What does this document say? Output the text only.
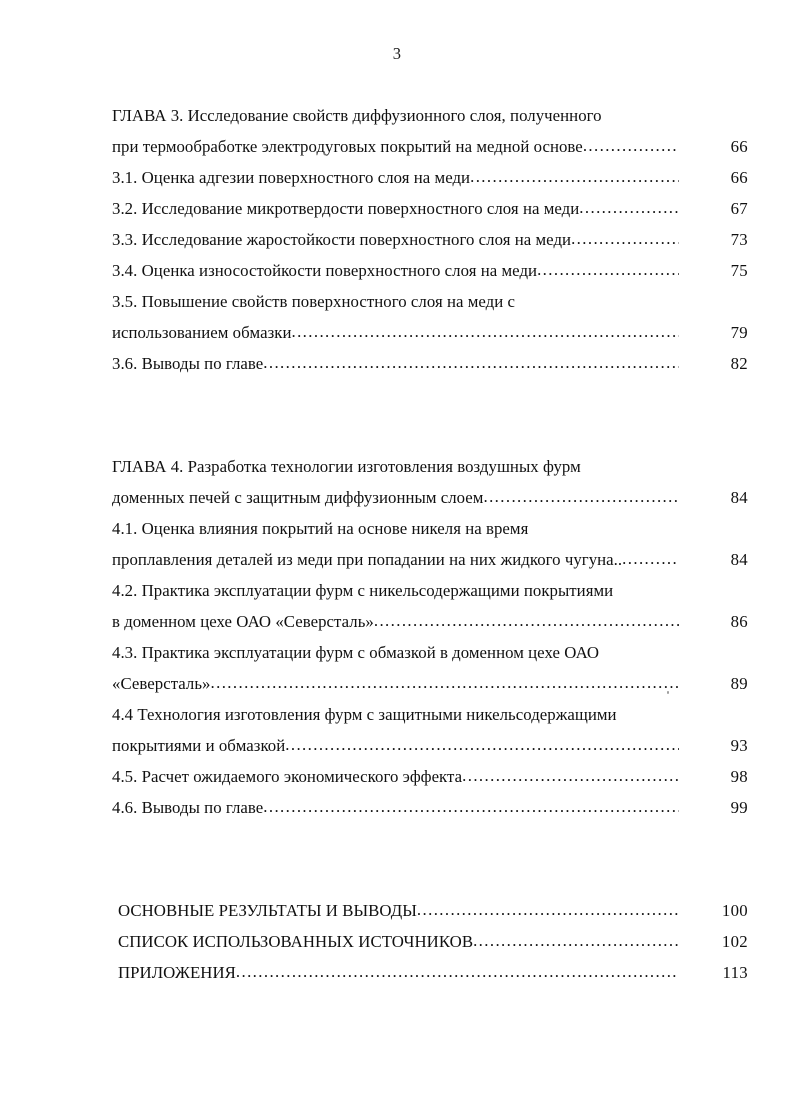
3
ГЛАВА 3. Исследование свойств диффузионного слоя, полученного
при термообработке электродуговых покрытий на медной основе .....	66
3.1. Оценка адгезии поверхностного слоя на меди .....	66
3.2. Исследование микротвердости поверхностного слоя на меди .....	67
3.3. Исследование жаростойкости поверхностного слоя на меди .....	73
3.4. Оценка износостойкости поверхностного слоя на меди .....	75
3.5. Повышение свойств поверхностного слоя на меди с
использованием обмазки .....	79
3.6. Выводы по главе .....	82
ГЛАВА 4. Разработка технологии изготовления воздушных фурм
доменных печей с защитным диффузионным слоем .....	84
4.1. Оценка влияния покрытий на основе никеля на время
проплавления деталей из меди при попадании на них жидкого чугуна.. .....	84
4.2. Практика эксплуатации фурм с никельсодержащими покрытиями
в доменном цехе ОАО «Северсталь» .....	86
4.3. Практика эксплуатации фурм с обмазкой в доменном цехе ОАО
«Северсталь» .....	89
4.4 Технология изготовления фурм с защитными никельсодержащими
покрытиями и обмазкой .....	93
4.5. Расчет ожидаемого экономического эффекта .....	98
4.6. Выводы по главе .....	99
ОСНОВНЫЕ РЕЗУЛЬТАТЫ И ВЫВОДЫ .....	100
СПИСОК ИСПОЛЬЗОВАННЫХ ИСТОЧНИКОВ .....	102
ПРИЛОЖЕНИЯ .....	113
